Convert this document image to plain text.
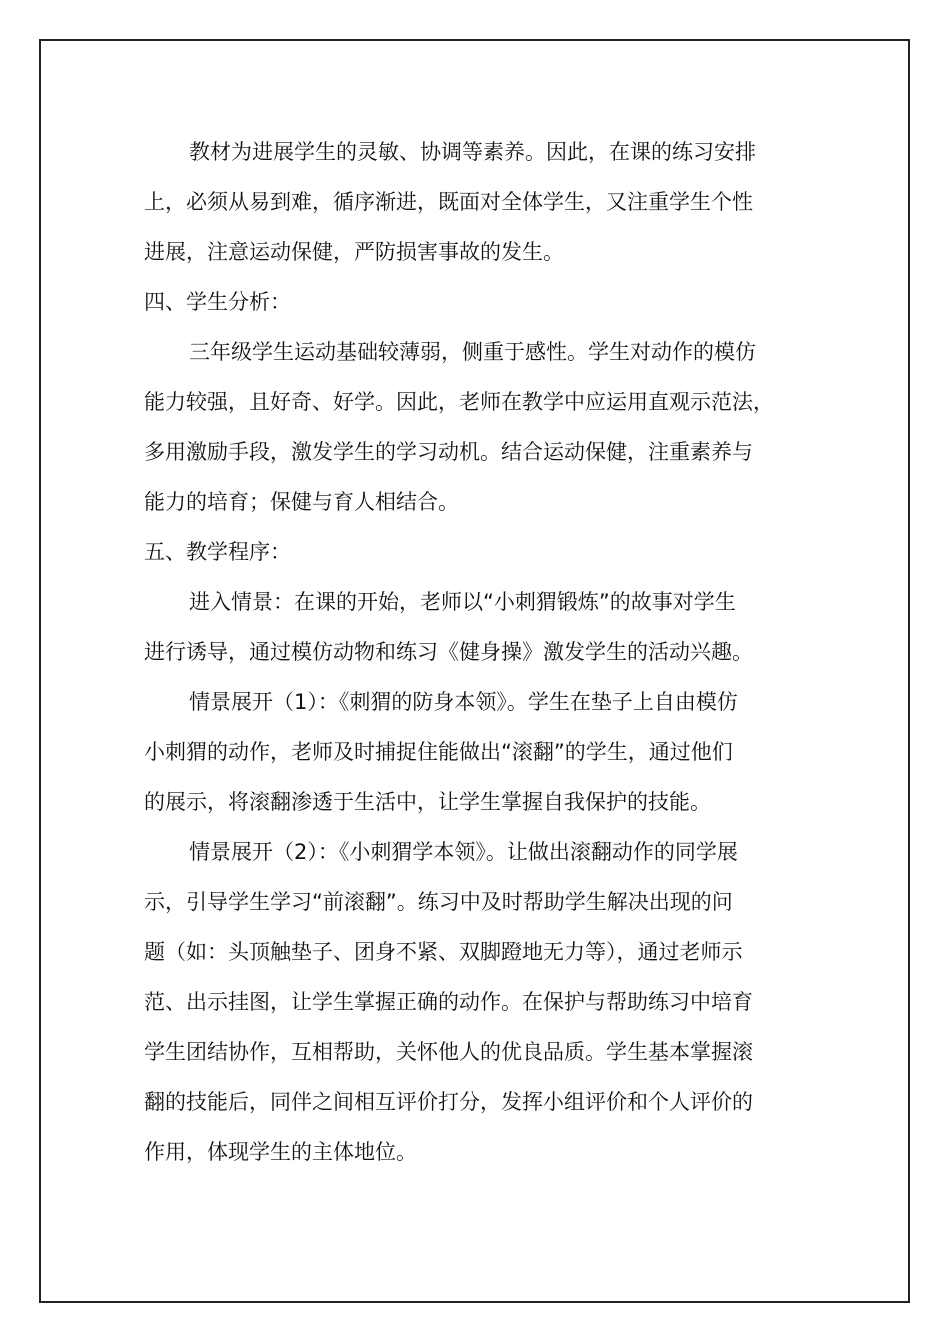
教材为进展学生的灵敏、协调等素养。因此，在课的练习安排
上，必须从易到难，循序渐进，既面对全体学生，又注重学生个性
进展，注意运动保健，严防损害事故的发生。
四、学生分析：
三年级学生运动基础较薄弱，侧重于感性。学生对动作的模仿
能力较强，且好奇、好学。因此，老师在教学中应运用直观示范法，
多用激励手段，激发学生的学习动机。结合运动保健，注重素养与
能力的培育；保健与育人相结合。
五、教学程序：
进入情景：在课的开始，老师以“小刺猬锻炼”的故事对学生
进行诱导，通过模仿动物和练习《健身操》激发学生的活动兴趣。
情景展开（1）：《刺猬的防身本领》。学生在垫子上自由模仿
小刺猬的动作，老师及时捕捉住能做出“滚翻”的学生，通过他们
的展示，将滚翻渗透于生活中，让学生掌握自我保护的技能。
情景展开（2）：《小刺猬学本领》。让做出滚翻动作的同学展
示，引导学生学习“前滚翻”。练习中及时帮助学生解决出现的问
题（如：头顶触垫子、团身不紧、双脚蹬地无力等），通过老师示
范、出示挂图，让学生掌握正确的动作。在保护与帮助练习中培育
学生团结协作，互相帮助，关怀他人的优良品质。学生基本掌握滚
翻的技能后，同伴之间相互评价打分，发挥小组评价和个人评价的
作用，体现学生的主体地位。
